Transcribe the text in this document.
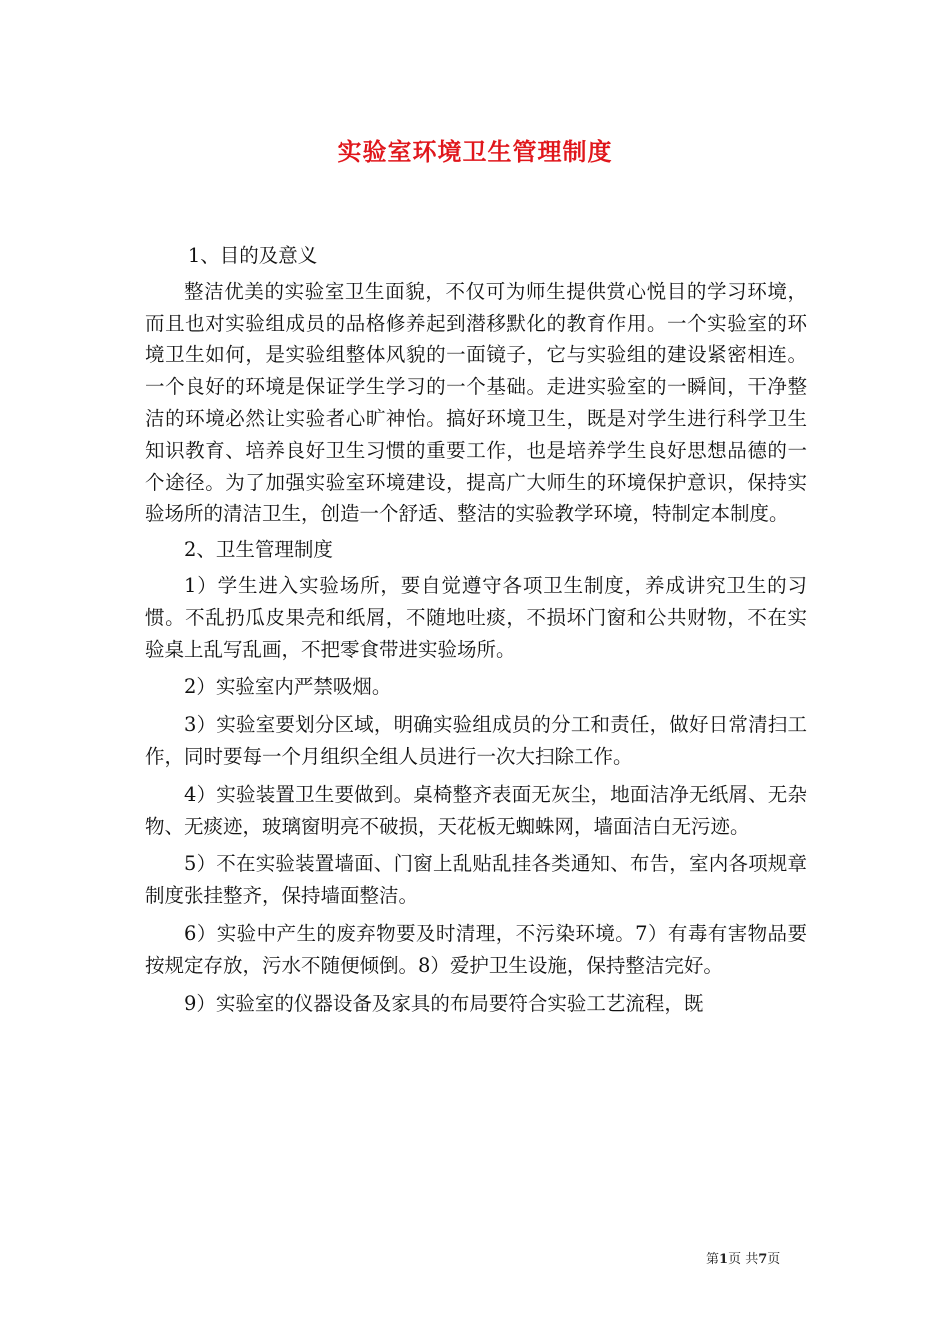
实验室环境卫生管理制度

1、目的及意义

整洁优美的实验室卫生面貌，不仅可为师生提供赏心悦目的学习环境，而且也对实验组成员的品格修养起到潜移默化的教育作用。一个实验室的环境卫生如何，是实验组整体风貌的一面镜子，它与实验组的建设紧密相连。一个良好的环境是保证学生学习的一个基础。走进实验室的一瞬间，干净整洁的环境必然让实验者心旷神怡。搞好环境卫生，既是对学生进行科学卫生知识教育、培养良好卫生习惯的重要工作，也是培养学生良好思想品德的一个途径。为了加强实验室环境建设，提高广大师生的环境保护意识，保持实验场所的清洁卫生，创造一个舒适、整洁的实验教学环境，特制定本制度。

2、卫生管理制度

1）学生进入实验场所，要自觉遵守各项卫生制度，养成讲究卫生的习惯。不乱扔瓜皮果壳和纸屑，不随地吐痰，不损坏门窗和公共财物，不在实验桌上乱写乱画，不把零食带进实验场所。

2）实验室内严禁吸烟。

3）实验室要划分区域，明确实验组成员的分工和责任，做好日常清扫工作，同时要每一个月组织全组人员进行一次大扫除工作。

4）实验装置卫生要做到。桌椅整齐表面无灰尘，地面洁净无纸屑、无杂物、无痰迹，玻璃窗明亮不破损，天花板无蜘蛛网，墙面洁白无污迹。

5）不在实验装置墙面、门窗上乱贴乱挂各类通知、布告，室内各项规章制度张挂整齐，保持墙面整洁。

6）实验中产生的废弃物要及时清理，不污染环境。7）有毒有害物品要按规定存放，污水不随便倾倒。8）爱护卫生设施，保持整洁完好。

9）实验室的仪器设备及家具的布局要符合实验工艺流程，既

第1页 共7页
